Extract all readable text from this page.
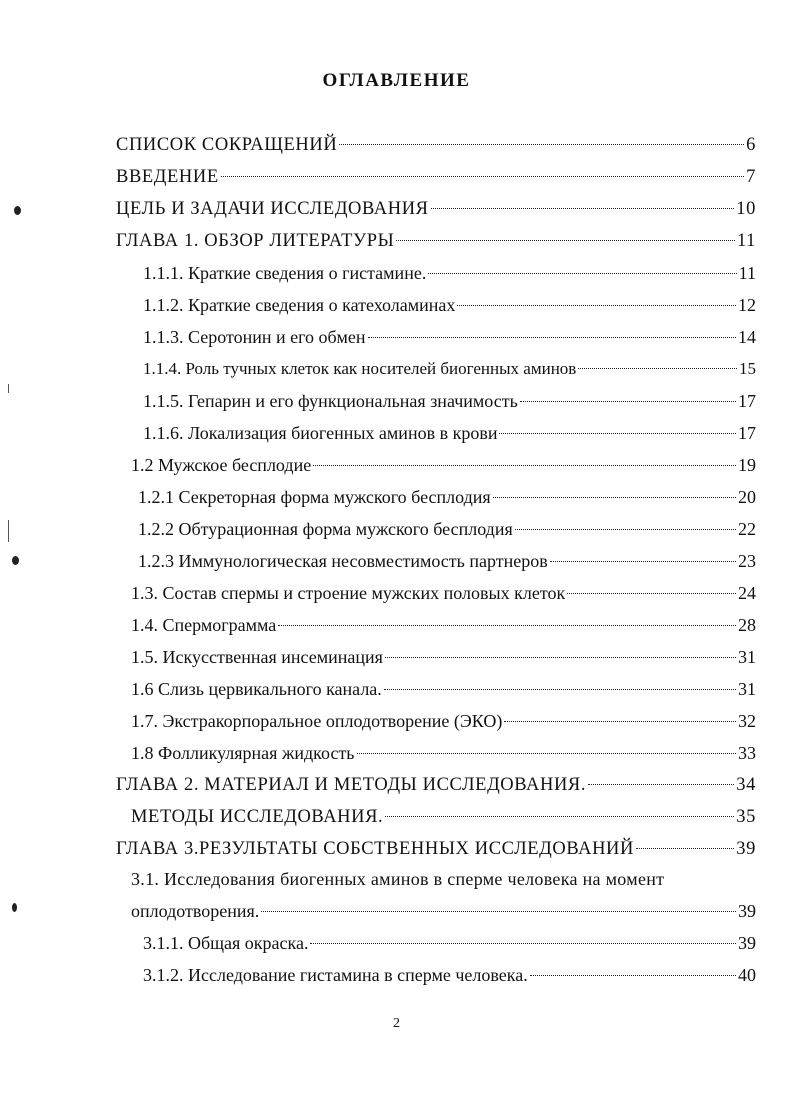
ОГЛАВЛЕНИЕ
СПИСОК СОКРАЩЕНИЙ	6
ВВЕДЕНИЕ	7
ЦЕЛЬ И ЗАДАЧИ ИССЛЕДОВАНИЯ	10
ГЛАВА 1. ОБЗОР ЛИТЕРАТУРЫ	11
1.1.1. Краткие сведения о гистамине.	11
1.1.2. Краткие сведения о катехоламинах	12
1.1.3. Серотонин и его обмен	14
1.1.4. Роль тучных клеток как носителей биогенных аминов	15
1.1.5. Гепарин и его функциональная значимость	17
1.1.6. Локализация биогенных аминов в крови	17
1.2 Мужское бесплодие	19
1.2.1 Секреторная форма мужского бесплодия	20
1.2.2 Обтурационная форма мужского бесплодия	22
1.2.3 Иммунологическая несовместимость партнеров	23
1.3. Состав спермы и строение мужских половых клеток	24
1.4. Спермограмма	28
1.5. Искусственная инсеминация	31
1.6 Слизь цервикального канала.	31
1.7. Экстракорпоральное оплодотворение (ЭКО)	32
1.8 Фолликулярная жидкость	33
ГЛАВА 2. МАТЕРИАЛ И МЕТОДЫ ИССЛЕДОВАНИЯ.	34
МЕТОДЫ ИССЛЕДОВАНИЯ.	35
ГЛАВА 3.РЕЗУЛЬТАТЫ СОБСТВЕННЫХ ИССЛЕДОВАНИЙ	39
3.1. Исследования биогенных аминов в сперме человека на момент
оплодотворения.	39
3.1.1. Общая окраска.	39
3.1.2. Исследование гистамина в сперме человека.	40
2
